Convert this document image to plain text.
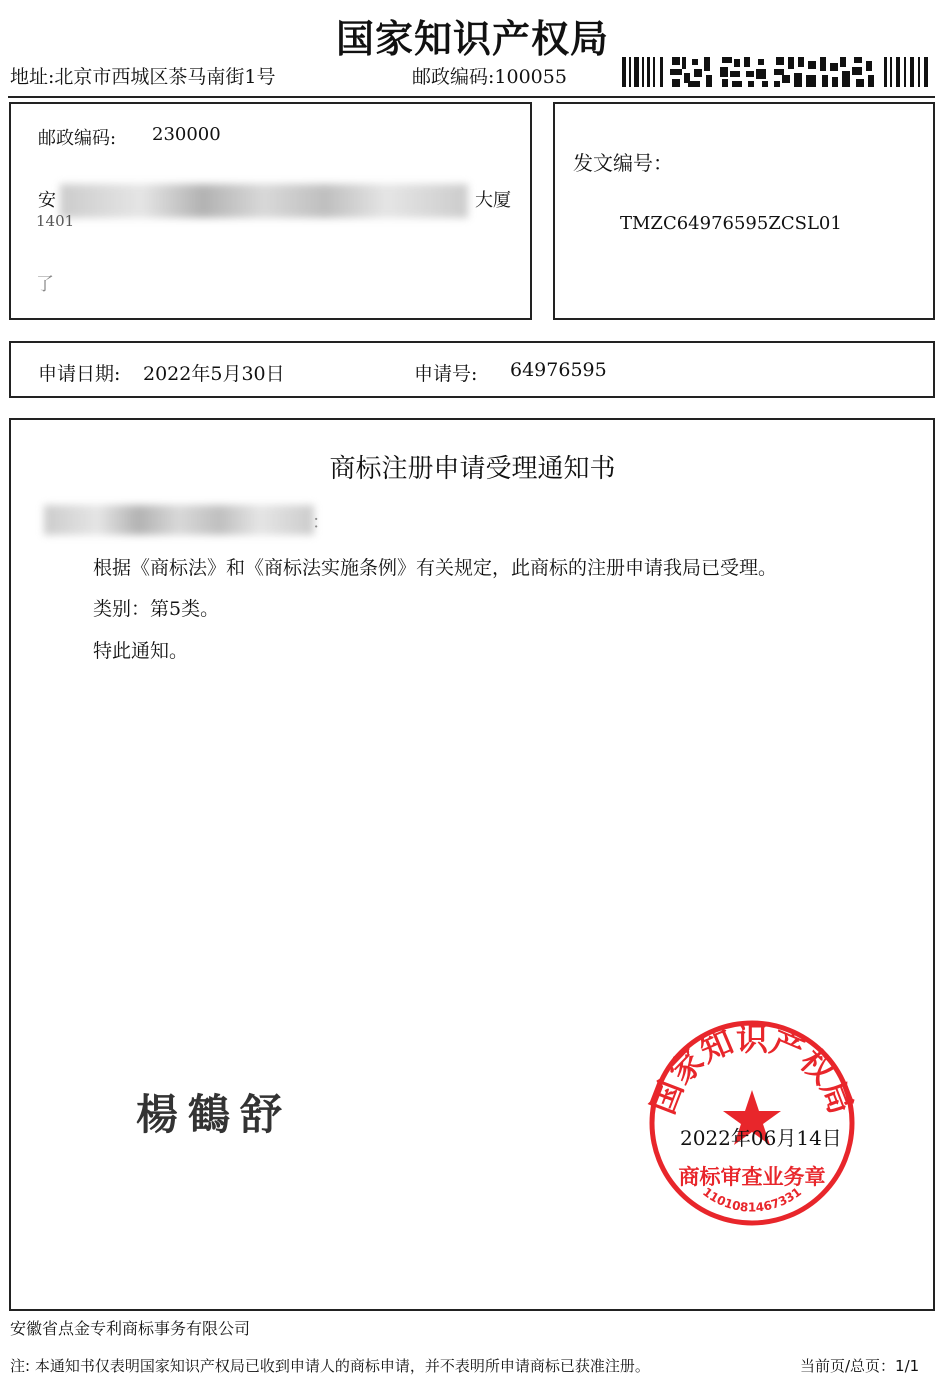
国家知识产权局
地址:北京市西城区茶马南街1号	邮政编码:100055
邮政编码: 230000
安	大厦
1401
了
发文编号：
TMZC64976595ZCSL01
申请日期: 2022年5月30日	申请号: 64976595
商标注册申请受理通知书
：
根据《商标法》和《商标法实施条例》有关规定，此商标的注册申请我局已受理。
类别：第5类。
特此通知。
楊鶴舒	国家知识产权局
商标审查业务章
1101081467331
2022年06月14日
安徽省点金专利商标事务有限公司
注: 本通知书仅表明国家知识产权局已收到申请人的商标申请，并不表明所申请商标已获准注册。	当前页/总页：1/1
